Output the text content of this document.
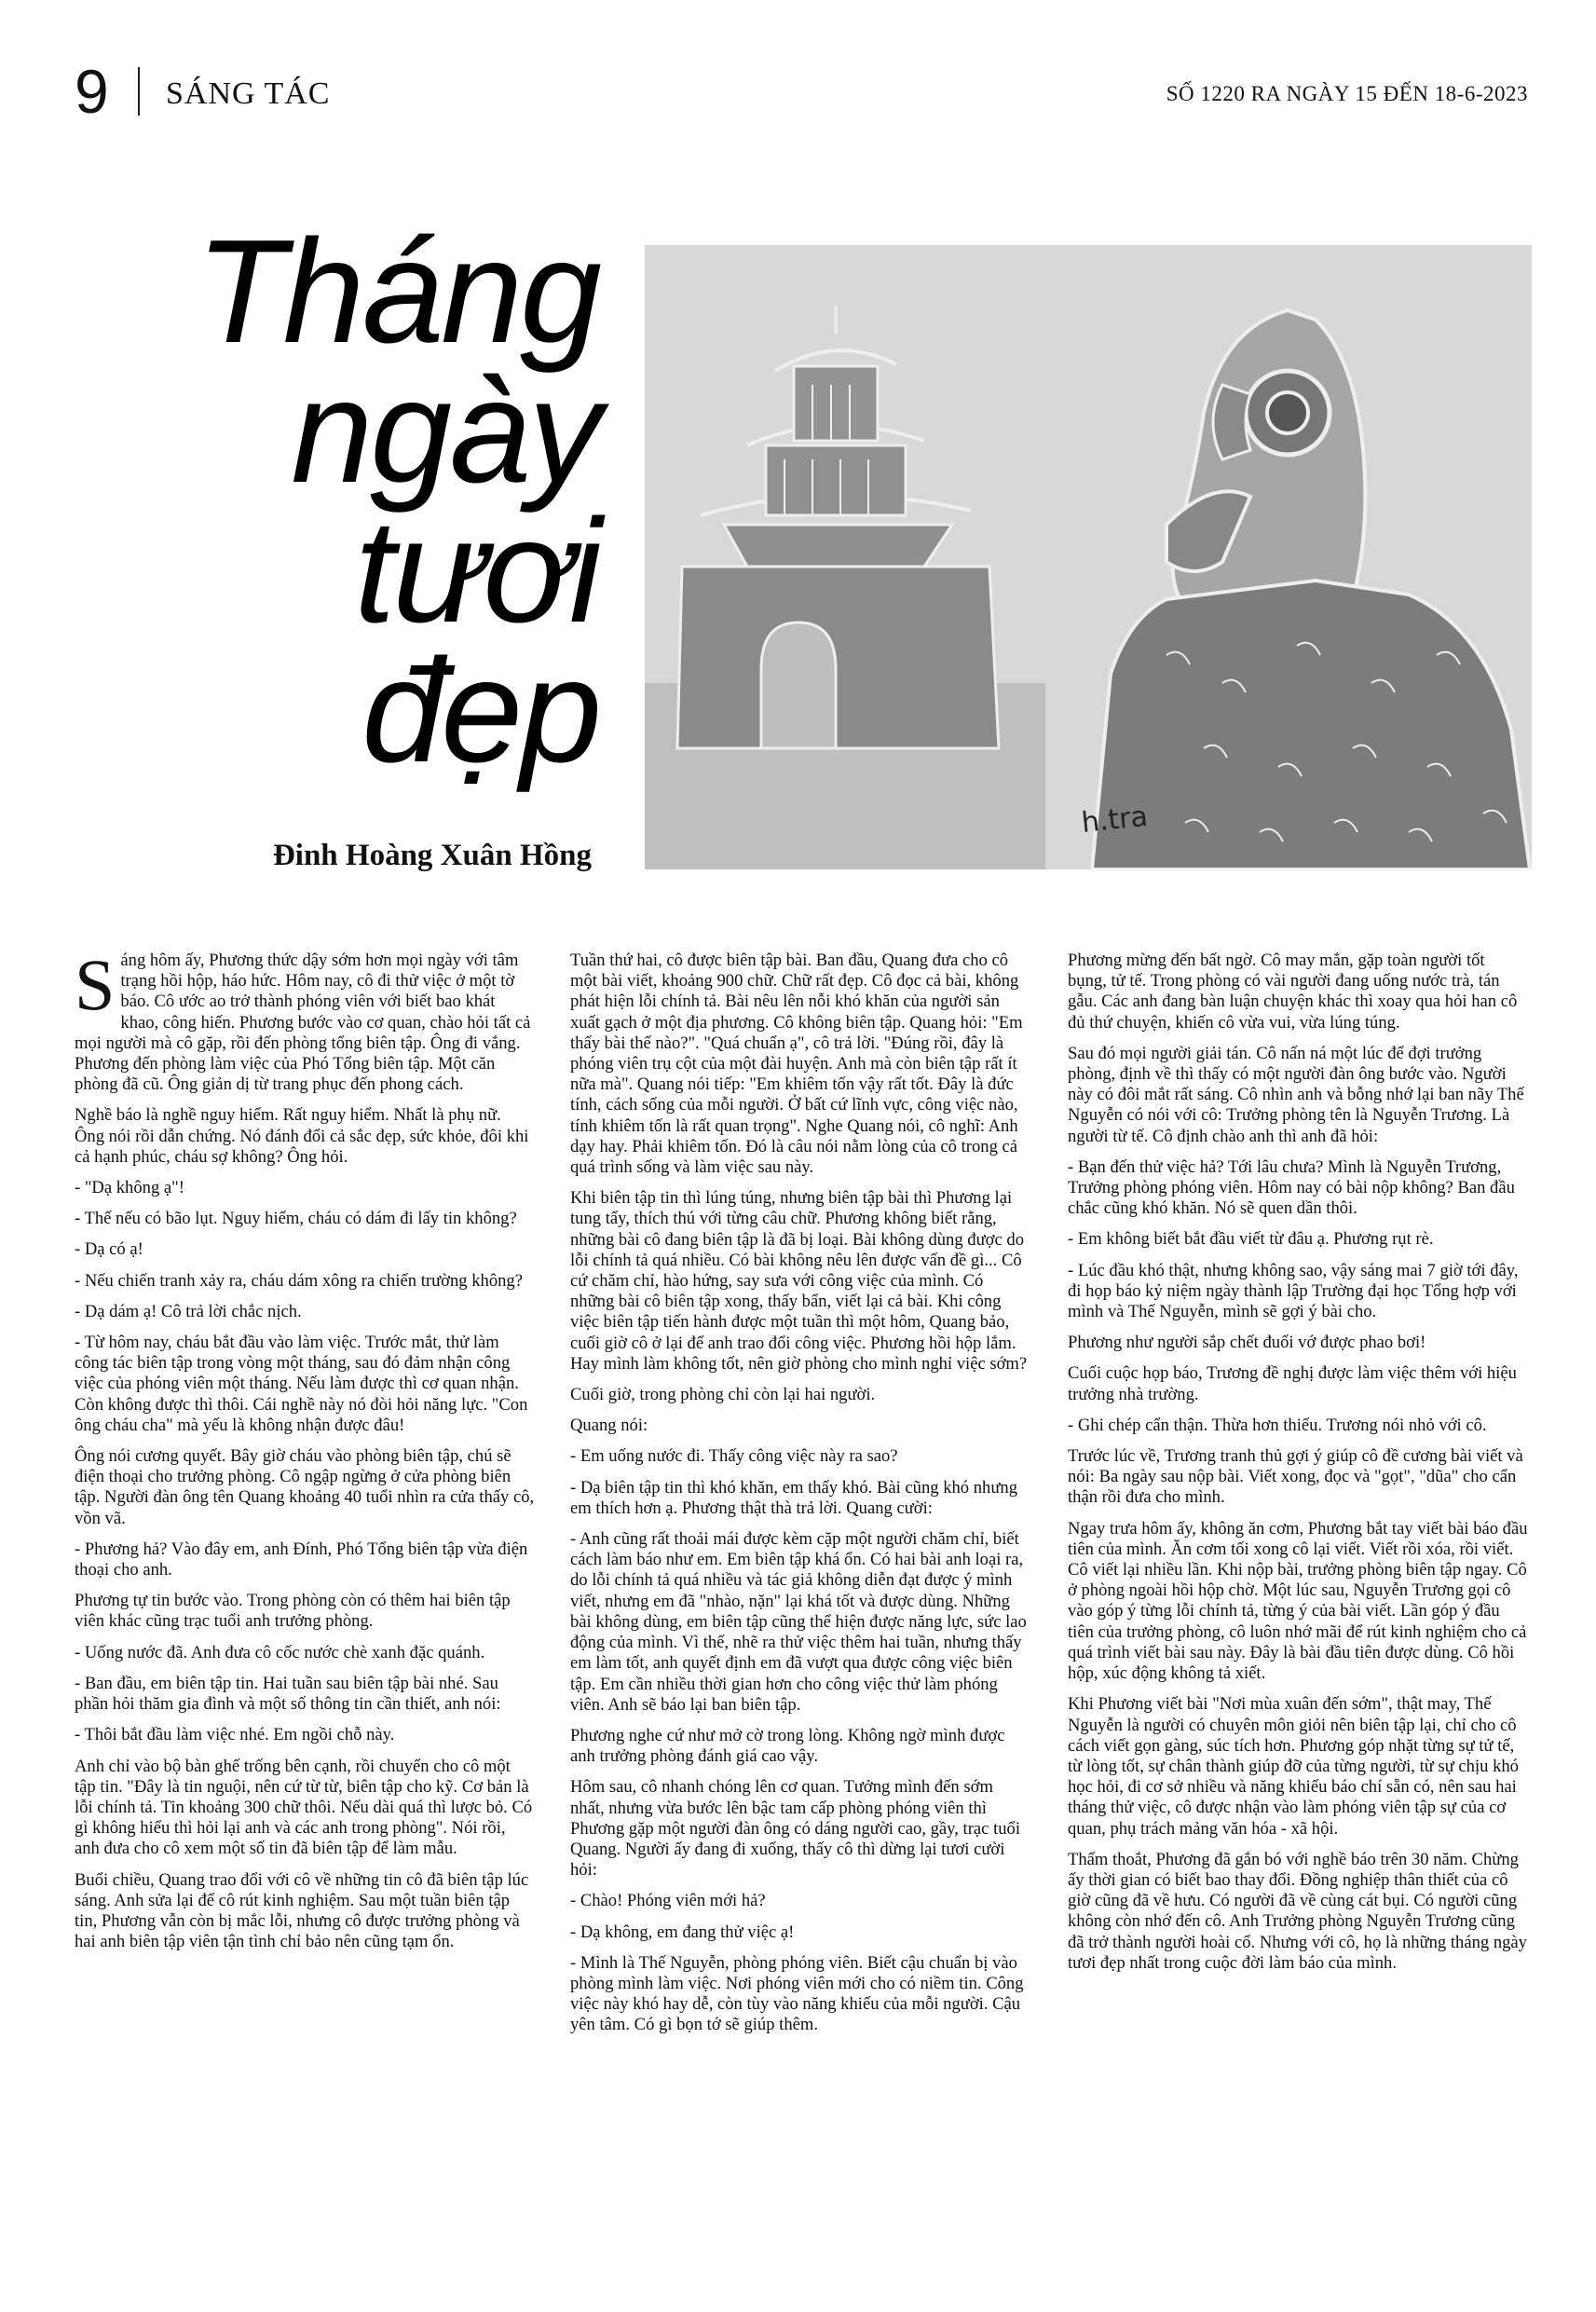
9 SÁNG TÁC	SỐ 1220 RA NGÀY 15 ĐẾN 18-6-2023
Tháng
ngày
tươi
đẹp
Đinh Hoàng Xuân Hồng
h.tra

Sáng hôm ấy, Phương thức dậy sớm hơn mọi ngày với tâm trạng hồi hộp, háo hức. Hôm nay, cô đi thử việc ở một tờ báo. Cô ước ao trở thành phóng viên với biết bao khát khao, công hiến. Phương bước vào cơ quan, chào hỏi tất cả mọi người mà cô gặp, rồi đến phòng tổng biên tập. Ông đi vắng. Phương đến phòng làm việc của Phó Tổng biên tập. Một căn phòng đã cũ. Ông giản dị từ trang phục đến phong cách.

Nghề báo là nghề nguy hiểm. Rất nguy hiểm. Nhất là phụ nữ. Ông nói rồi dẫn chứng. Nó đánh đổi cả sắc đẹp, sức khỏe, đôi khi cả hạnh phúc, cháu sợ không? Ông hỏi.

- "Dạ không ạ"!

- Thế nếu có bão lụt. Nguy hiểm, cháu có dám đi lấy tin không?

- Dạ có ạ!

- Nếu chiến tranh xảy ra, cháu dám xông ra chiến trường không?

- Dạ dám ạ! Cô trả lời chắc nịch.

- Từ hôm nay, cháu bắt đầu vào làm việc. Trước mắt, thử làm công tác biên tập trong vòng một tháng, sau đó đảm nhận công việc của phóng viên một tháng. Nếu làm được thì cơ quan nhận. Còn không được thì thôi. Cái nghề này nó đòi hỏi năng lực. "Con ông cháu cha" mà yếu là không nhận được đâu!

Ông nói cương quyết. Bây giờ cháu vào phòng biên tập, chú sẽ điện thoại cho trưởng phòng. Cô ngập ngừng ở cửa phòng biên tập. Người đàn ông tên Quang khoảng 40 tuổi nhìn ra cửa thấy cô, vồn vã.

- Phương hả? Vào đây em, anh Đính, Phó Tổng biên tập vừa điện thoại cho anh.

Phương tự tin bước vào. Trong phòng còn có thêm hai biên tập viên khác cũng trạc tuổi anh trưởng phòng.

- Uống nước đã. Anh đưa cô cốc nước chè xanh đặc quánh.

- Ban đầu, em biên tập tin. Hai tuần sau biên tập bài nhé. Sau phần hỏi thăm gia đình và một số thông tin cần thiết, anh nói:

- Thôi bắt đầu làm việc nhé. Em ngồi chỗ này.

Anh chỉ vào bộ bàn ghế trống bên cạnh, rồi chuyển cho cô một tập tin. "Đây là tin nguội, nên cứ từ từ, biên tập cho kỹ. Cơ bản là lỗi chính tả. Tin khoảng 300 chữ thôi. Nếu dài quá thì lược bỏ. Có gì không hiểu thì hỏi lại anh và các anh trong phòng". Nói rồi, anh đưa cho cô xem một số tin đã biên tập để làm mẫu.

Buổi chiều, Quang trao đổi với cô về những tin cô đã biên tập lúc sáng. Anh sửa lại để cô rút kinh nghiệm. Sau một tuần biên tập tin, Phương vẫn còn bị mắc lỗi, nhưng cô được trưởng phòng và hai anh biên tập viên tận tình chỉ bảo nên cũng tạm ổn.

Tuần thứ hai, cô được biên tập bài. Ban đầu, Quang đưa cho cô một bài viết, khoảng 900 chữ. Chữ rất đẹp. Cô đọc cả bài, không phát hiện lỗi chính tả. Bài nêu lên nỗi khó khăn của người sản xuất gạch ở một địa phương. Cô không biên tập. Quang hỏi: "Em thấy bài thế nào?". "Quá chuẩn ạ", cô trả lời. "Đúng rồi, đây là phóng viên trụ cột của một đài huyện. Anh mà còn biên tập rất ít nữa mà". Quang nói tiếp: "Em khiêm tốn vậy rất tốt. Đây là đức tính, cách sống của mỗi người. Ở bất cứ lĩnh vực, công việc nào, tính khiêm tốn là rất quan trọng". Nghe Quang nói, cô nghĩ: Anh dạy hay. Phải khiêm tốn. Đó là câu nói nằm lòng của cô trong cả quá trình sống và làm việc sau này.

Khi biên tập tin thì lúng túng, nhưng biên tập bài thì Phương lại tung tẩy, thích thú với từng câu chữ. Phương không biết rằng, những bài cô đang biên tập là đã bị loại. Bài không dùng được do lỗi chính tả quá nhiều. Có bài không nêu lên được vấn đề gì... Cô cứ chăm chỉ, hào hứng, say sưa với công việc của mình. Có những bài cô biên tập xong, thấy bẩn, viết lại cả bài. Khi công việc biên tập tiến hành được một tuần thì một hôm, Quang bảo, cuối giờ cô ở lại để anh trao đổi công việc. Phương hồi hộp lắm. Hay mình làm không tốt, nên giờ phòng cho mình nghỉ việc sớm?

Cuối giờ, trong phòng chỉ còn lại hai người.

Quang nói:

- Em uống nước đi. Thấy công việc này ra sao?

- Dạ biên tập tin thì khó khăn, em thấy khó. Bài cũng khó nhưng em thích hơn ạ. Phương thật thà trả lời. Quang cười:

- Anh cũng rất thoải mái được kèm cặp một người chăm chỉ, biết cách làm báo như em. Em biên tập khá ổn. Có hai bài anh loại ra, do lỗi chính tả quá nhiều và tác giả không diễn đạt được ý mình viết, nhưng em đã "nhào, nặn" lại khá tốt và được dùng. Những bài không dùng, em biên tập cũng thể hiện được năng lực, sức lao động của mình. Vì thế, nhẽ ra thử việc thêm hai tuần, nhưng thấy em làm tốt, anh quyết định em đã vượt qua được công việc biên tập. Em cần nhiều thời gian hơn cho công việc thử làm phóng viên. Anh sẽ báo lại ban biên tập.

Phương nghe cứ như mở cờ trong lòng. Không ngờ mình được anh trưởng phòng đánh giá cao vậy.

Hôm sau, cô nhanh chóng lên cơ quan. Tưởng mình đến sớm nhất, nhưng vừa bước lên bậc tam cấp phòng phóng viên thì Phương gặp một người đàn ông có dáng người cao, gầy, trạc tuổi Quang. Người ấy đang đi xuống, thấy cô thì dừng lại tươi cười hỏi:

- Chào! Phóng viên mới hả?

- Dạ không, em đang thử việc ạ!

- Mình là Thế Nguyễn, phòng phóng viên. Biết cậu chuẩn bị vào phòng mình làm việc. Nơi phóng viên mới cho có niềm tin. Công việc này khó hay dễ, còn tùy vào năng khiếu của mỗi người. Cậu yên tâm. Có gì bọn tớ sẽ giúp thêm.

Phương mừng đến bất ngờ. Cô may mắn, gặp toàn người tốt bụng, tử tế. Trong phòng có vài người đang uống nước trà, tán gẫu. Các anh đang bàn luận chuyện khác thì xoay qua hỏi han cô đủ thứ chuyện, khiến cô vừa vui, vừa lúng túng.

Sau đó mọi người giải tán. Cô nấn ná một lúc để đợi trưởng phòng, định về thì thấy có một người đàn ông bước vào. Người này có đôi mắt rất sáng. Cô nhìn anh và bỗng nhớ lại ban nãy Thế Nguyễn có nói với cô: Trưởng phòng tên là Nguyễn Trương. Là người từ tế. Cô định chào anh thì anh đã hỏi:

- Bạn đến thử việc hả? Tới lâu chưa? Mình là Nguyễn Trương, Trưởng phòng phóng viên. Hôm nay có bài nộp không? Ban đầu chắc cũng khó khăn. Nó sẽ quen dần thôi.

- Em không biết bắt đầu viết từ đâu ạ. Phương rụt rè.

- Lúc đầu khó thật, nhưng không sao, vậy sáng mai 7 giờ tới đây, đi họp báo kỷ niệm ngày thành lập Trường đại học Tổng hợp với mình và Thế Nguyễn, mình sẽ gợi ý bài cho.

Phương như người sắp chết đuối vớ được phao bơi!

Cuối cuộc họp báo, Trương đề nghị được làm việc thêm với hiệu trưởng nhà trường.

- Ghi chép cẩn thận. Thừa hơn thiếu. Trương nói nhỏ với cô.

Trước lúc về, Trương tranh thủ gợi ý giúp cô đề cương bài viết và nói: Ba ngày sau nộp bài. Viết xong, đọc và "gọt", "dũa" cho cẩn thận rồi đưa cho mình.

Ngay trưa hôm ấy, không ăn cơm, Phương bắt tay viết bài báo đầu tiên của mình. Ăn cơm tối xong cô lại viết. Viết rồi xóa, rồi viết. Cô viết lại nhiều lần. Khi nộp bài, trưởng phòng biên tập ngay. Cô ở phòng ngoài hồi hộp chờ. Một lúc sau, Nguyễn Trương gọi cô vào góp ý từng lỗi chính tả, từng ý của bài viết. Lần góp ý đầu tiên của trưởng phòng, cô luôn nhớ mãi để rút kinh nghiệm cho cả quá trình viết bài sau này. Đây là bài đầu tiên được dùng. Cô hồi hộp, xúc động không tả xiết.

Khi Phương viết bài "Nơi mùa xuân đến sớm", thật may, Thế Nguyễn là người có chuyên môn giỏi nên biên tập lại, chỉ cho cô cách viết gọn gàng, súc tích hơn. Phương góp nhặt từng sự tử tế, từ lòng tốt, sự chân thành giúp đỡ của từng người, từ sự chịu khó học hỏi, đi cơ sở nhiều và năng khiếu báo chí sẵn có, nên sau hai tháng thử việc, cô được nhận vào làm phóng viên tập sự của cơ quan, phụ trách mảng văn hóa - xã hội.

Thấm thoắt, Phương đã gắn bó với nghề báo trên 30 năm. Chừng ấy thời gian có biết bao thay đổi. Đồng nghiệp thân thiết của cô giờ cũng đã về hưu. Có người đã về cùng cát bụi. Có người cũng không còn nhớ đến cô. Anh Trưởng phòng Nguyễn Trương cũng đã trở thành người hoài cổ. Nhưng với cô, họ là những tháng ngày tươi đẹp nhất trong cuộc đời làm báo của mình.
